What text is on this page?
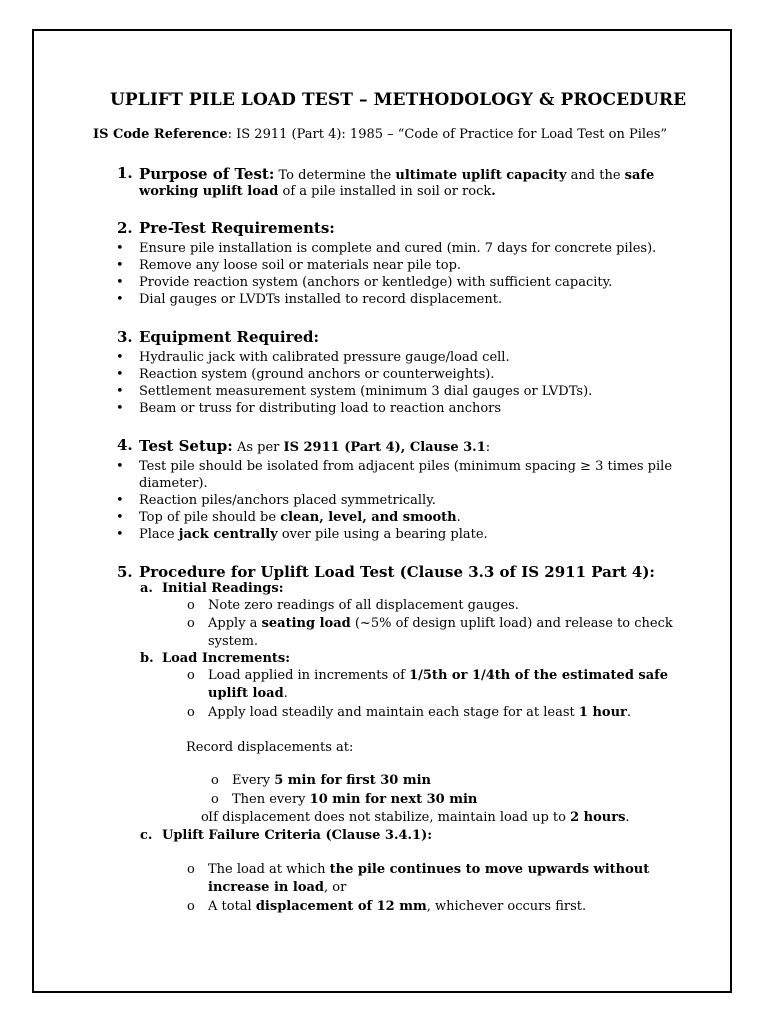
UPLIFT PILE LOAD TEST – METHODOLOGY & PROCEDURE
IS Code Reference: IS 2911 (Part 4): 1985 – “Code of Practice for Load Test on Piles”
1. Purpose of Test: To determine the ultimate uplift capacity and the safe
working uplift load of a pile installed in soil or rock.
2. Pre-Test Requirements:
• Ensure pile installation is complete and cured (min. 7 days for concrete piles).
• Remove any loose soil or materials near pile top.
• Provide reaction system (anchors or kentledge) with sufficient capacity.
• Dial gauges or LVDTs installed to record displacement.
3. Equipment Required:
• Hydraulic jack with calibrated pressure gauge/load cell.
• Reaction system (ground anchors or counterweights).
• Settlement measurement system (minimum 3 dial gauges or LVDTs).
• Beam or truss for distributing load to reaction anchors
4. Test Setup: As per IS 2911 (Part 4), Clause 3.1:
• Test pile should be isolated from adjacent piles (minimum spacing ≥ 3 times pile
diameter).
• Reaction piles/anchors placed symmetrically.
• Top of pile should be clean, level, and smooth.
• Place jack centrally over pile using a bearing plate.
5. Procedure for Uplift Load Test (Clause 3.3 of IS 2911 Part 4):
a. Initial Readings:
o Note zero readings of all displacement gauges.
o Apply a seating load (~5% of design uplift load) and release to check
system.
b. Load Increments:
o Load applied in increments of 1/5th or 1/4th of the estimated safe
uplift load.
o Apply load steadily and maintain each stage for at least 1 hour.
Record displacements at:
o Every 5 min for first 30 min
o Then every 10 min for next 30 min
o If displacement does not stabilize, maintain load up to 2 hours.
c. Uplift Failure Criteria (Clause 3.4.1):
o The load at which the pile continues to move upwards without
increase in load, or
o A total displacement of 12 mm, whichever occurs first.
